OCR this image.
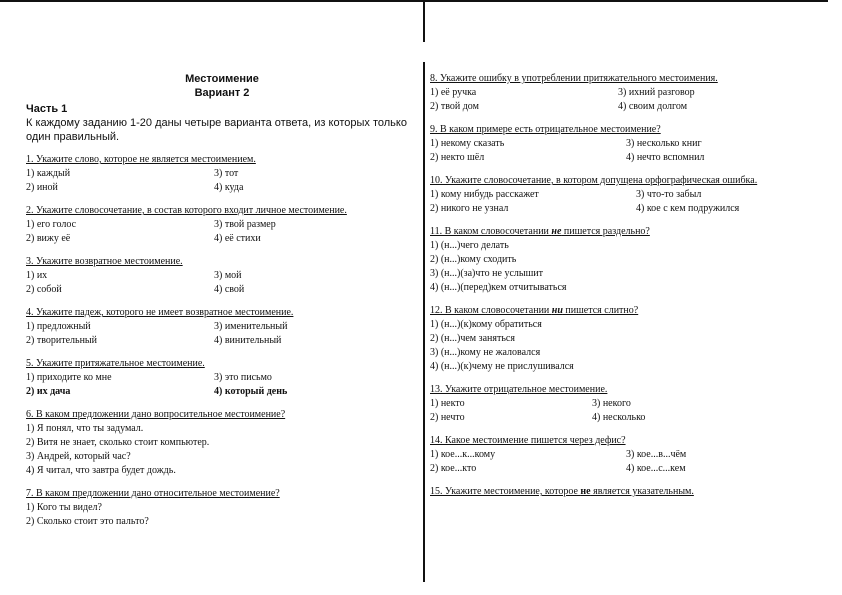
Местоимение
Вариант 2
Часть 1
К каждому заданию 1-20 даны четыре варианта ответа, из которых только один правильный.
1. Укажите слово, которое не является местоимением.
1) каждый	3) тот
2) иной	4) куда
2. Укажите словосочетание, в состав которого входит личное местоимение.
1) его голос	3) твой размер
2) вижу её	4) её стихи
3. Укажите возвратное местоимение.
1) их	3) мой
2) собой	4) свой
4. Укажите падеж, которого не имеет возвратное местоимение.
1) предложный	3) именительный
2) творительный	4) винительный
5. Укажите притяжательное местоимение.
1) приходите ко мне	3) это письмо
2) их дача	4) который день
6. В каком предложении дано вопросительное местоимение?
1) Я понял, что ты задумал.
2) Витя не знает, сколько стоит компьютер.
3) Андрей, который час?
4) Я читал, что завтра будет дождь.
7. В каком предложении дано относительное местоимение?
1) Кого ты видел?
2) Сколько стоит это пальто?
8. Укажите ошибку в употреблении притяжательного местоимения.
1) её ручка	3) ихний разговор
2) твой дом	4) своим долгом
9. В каком примере есть отрицательное местоимение?
1) некому сказать	3) несколько книг
2) некто шёл	4) нечто вспомнил
10. Укажите словосочетание, в котором допущена орфографическая ошибка.
1) кому нибудь расскажет	3) что-то забыл
2) никого не узнал	4) кое с кем подружился
11. В каком словосочетании не пишется раздельно?
1) (н...)чего делать
2) (н...)кому сходить
3) (н...)(за)что не услышит
4) (н...)(перед)кем отчитываться
12. В каком словосочетании ни пишется слитно?
1) (н...)(к)кому обратиться
2) (н...)чем заняться
3) (н...)кому не жаловался
4) (н...)(к)чему не прислушивался
13. Укажите отрицательное местоимение.
1) некто	3) некого
2) нечто	4) несколько
14. Какое местоимение пишется через дефис?
1) кое...к...кому	3) кое...в...чём
2) кое...кто	4) кое...с...кем
15. Укажите местоимение, которое не является указательным.
